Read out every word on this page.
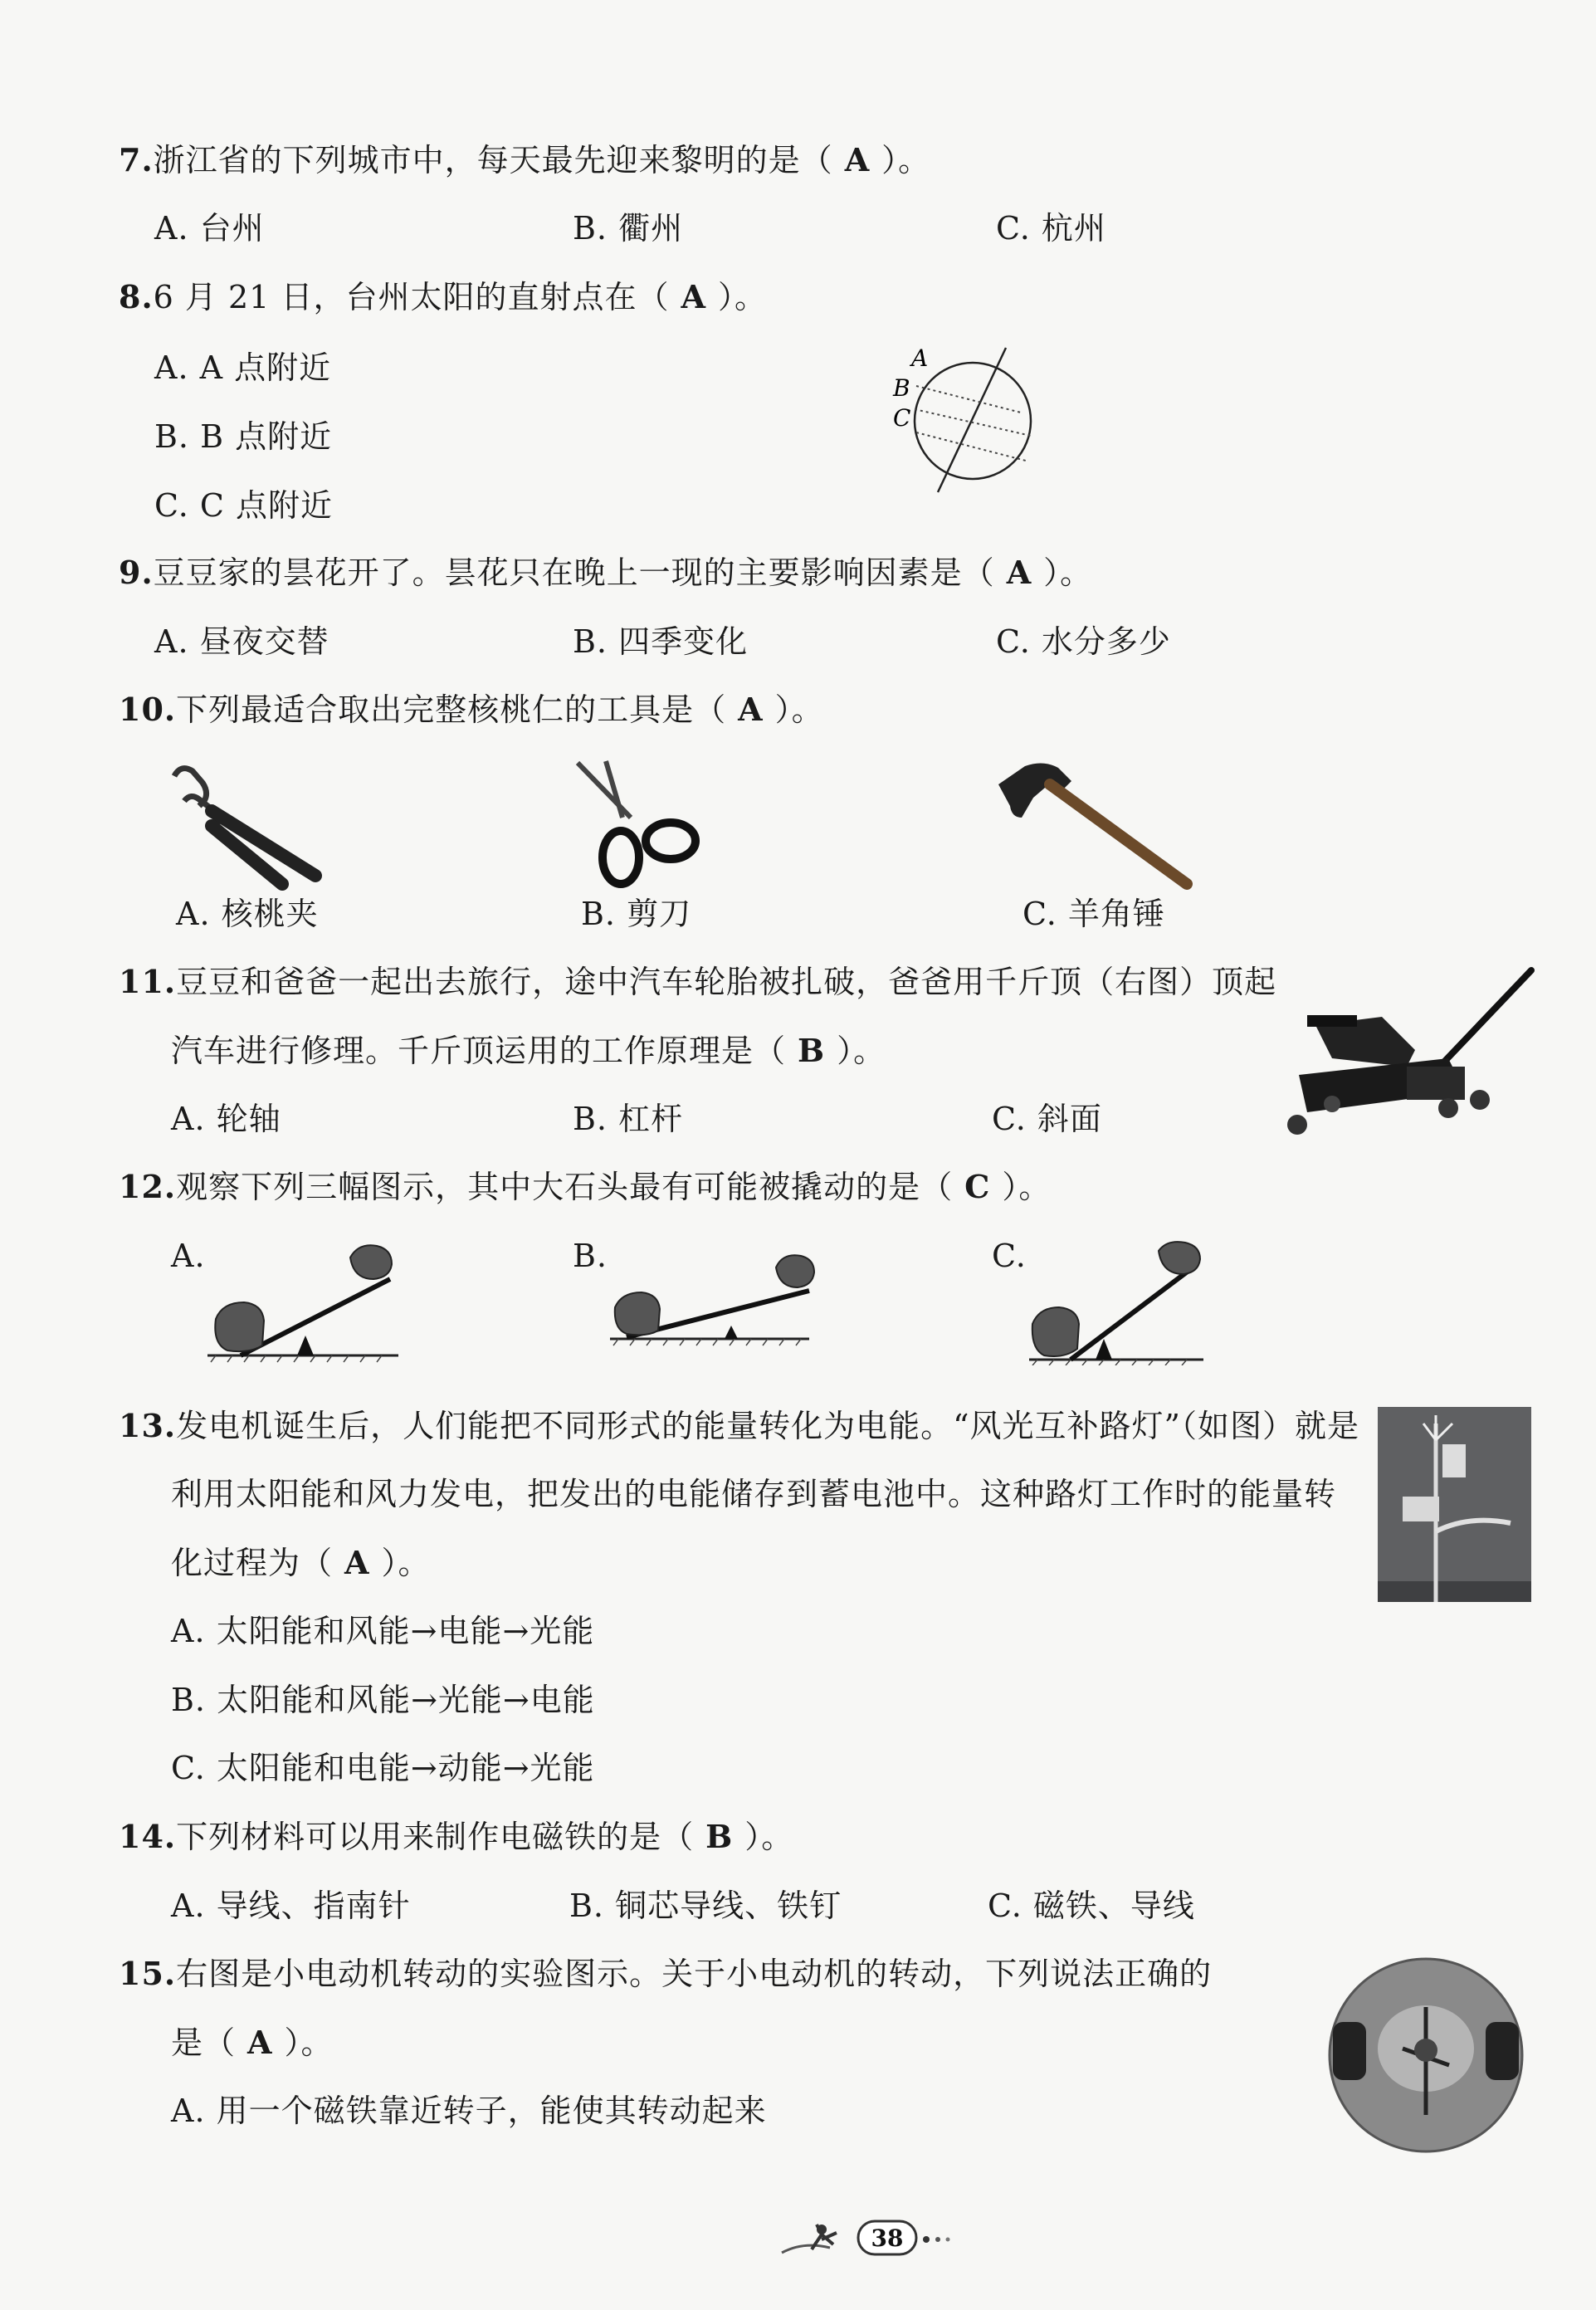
7.浙江省的下列城市中，每天最先迎来黎明的是（ A ）。
A. 台州	B. 衢州	C. 杭州
8.6 月 21 日，台州太阳的直射点在（ A ）。
A. A 点附近
B. B 点附近
C. C 点附近
A
B
C
9.豆豆家的昙花开了。昙花只在晚上一现的主要影响因素是（ A ）。
A. 昼夜交替	B. 四季变化	C. 水分多少
10.下列最适合取出完整核桃仁的工具是（ A ）。
A. 核桃夹	B. 剪刀	C. 羊角锤
11.豆豆和爸爸一起出去旅行，途中汽车轮胎被扎破，爸爸用千斤顶（右图）顶起
汽车进行修理。千斤顶运用的工作原理是（ B ）。
A. 轮轴	B. 杠杆	C. 斜面
12.观察下列三幅图示，其中大石头最有可能被撬动的是（ C ）。
A.	B.	C.
13.发电机诞生后，人们能把不同形式的能量转化为电能。“风光互补路灯”（如图）就是
利用太阳能和风力发电，把发出的电能储存到蓄电池中。这种路灯工作时的能量转
化过程为（ A ）。
A. 太阳能和风能→电能→光能
B. 太阳能和风能→光能→电能
C. 太阳能和电能→动能→光能
14.下列材料可以用来制作电磁铁的是（ B ）。
A. 导线、指南针	B. 铜芯导线、铁钉	C. 磁铁、导线
15.右图是小电动机转动的实验图示。关于小电动机的转动，下列说法正确的
是（ A ）。
A. 用一个磁铁靠近转子，能使其转动起来
38
